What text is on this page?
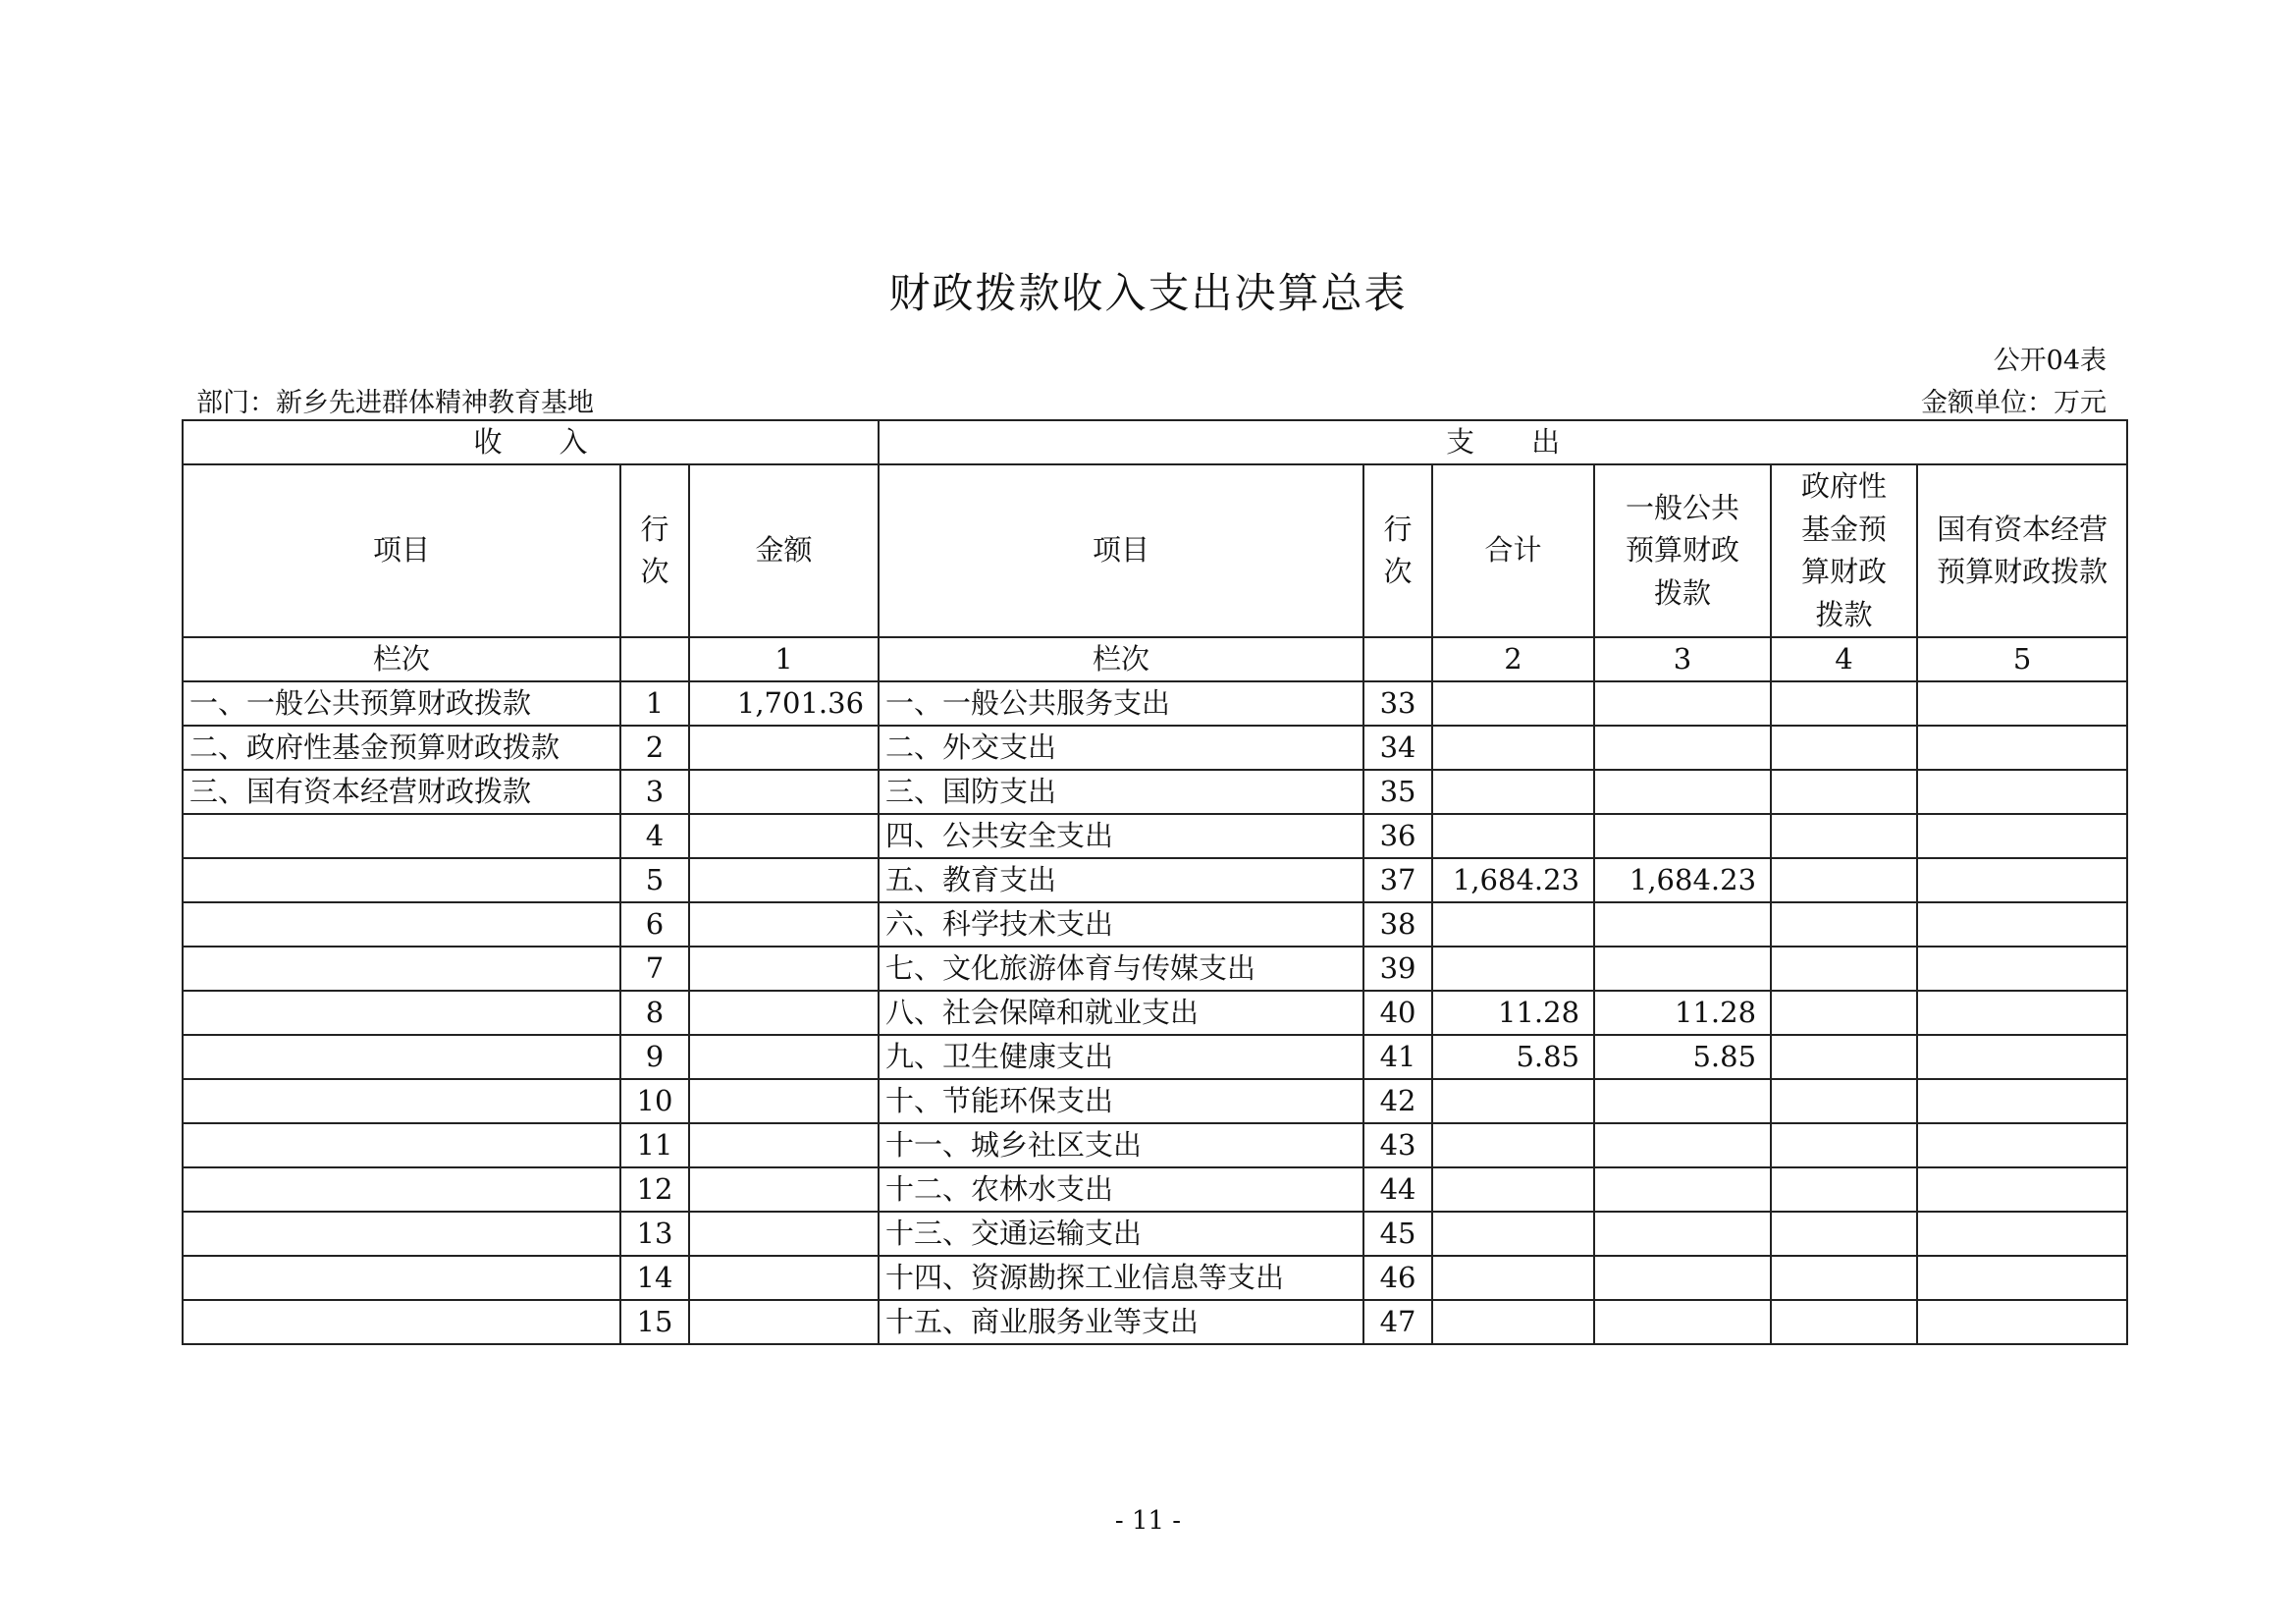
财政拨款收入支出决算总表
公开04表
部门：新乡先进群体精神教育基地	金额单位：万元
收　　入			支　　出					
项目	行次	金额	项目	行次	合计	一般公共预算财政拨款	政府性基金预算财政拨款	国有资本经营预算财政拨款
栏次		1	栏次		2	3	4	5
一、一般公共预算财政拨款	1	1,701.36	一、一般公共服务支出	33				
二、政府性基金预算财政拨款	2		二、外交支出	34				
三、国有资本经营财政拨款	3		三、国防支出	35				
	4		四、公共安全支出	36				
	5		五、教育支出	37	1,684.23	1,684.23		
	6		六、科学技术支出	38				
	7		七、文化旅游体育与传媒支出	39				
	8		八、社会保障和就业支出	40	11.28	11.28		
	9		九、卫生健康支出	41	5.85	5.85		
	10		十、节能环保支出	42				
	11		十一、城乡社区支出	43				
	12		十二、农林水支出	44				
	13		十三、交通运输支出	45				
	14		十四、资源勘探工业信息等支出	46				
	15		十五、商业服务业等支出	47				
- 11 -
